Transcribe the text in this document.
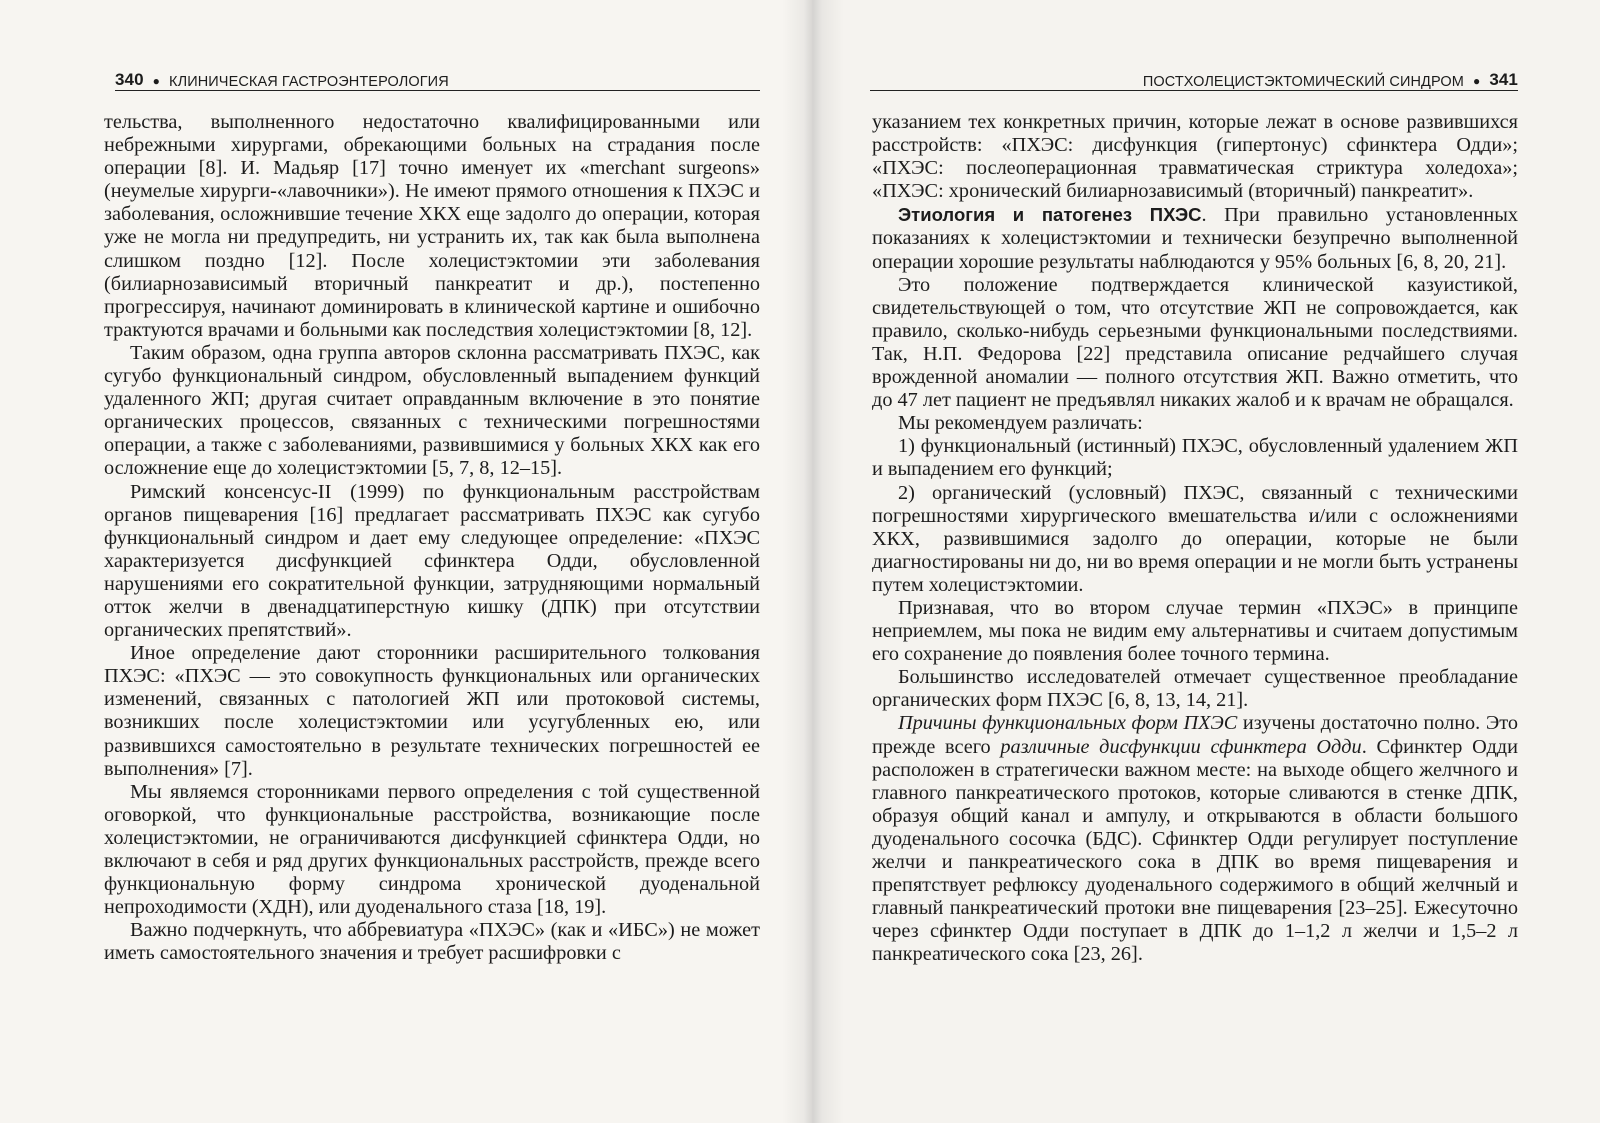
340 ● КЛИНИЧЕСКАЯ ГАСТРОЭНТЕРОЛОГИЯ

тельства, выполненного недостаточно квалифицированными или небрежными хирургами, обрекающими больных на страдания после операции [8]. И. Мадьяр [17] точно именует их «merchant surgeons» (неумелые хирурги-«лавочники»). Не имеют прямого отношения к ПХЭС и заболевания, осложнившие течение ХКХ еще задолго до операции, которая уже не могла ни предупредить, ни устранить их, так как была выполнена слишком поздно [12]. После холецистэктомии эти заболевания (билиарнозависимый вторичный панкреатит и др.), постепенно прогрессируя, начинают доминировать в клинической картине и ошибочно трактуются врачами и больными как последствия холецистэктомии [8, 12].

Таким образом, одна группа авторов склонна рассматривать ПХЭС, как сугубо функциональный синдром, обусловленный выпадением функций удаленного ЖП; другая считает оправданным включение в это понятие органических процессов, связанных с техническими погрешностями операции, а также с заболеваниями, развившимися у больных ХКХ как его осложнение еще до холецистэктомии [5, 7, 8, 12–15].

Римский консенсус-II (1999) по функциональным расстройствам органов пищеварения [16] предлагает рассматривать ПХЭС как сугубо функциональный синдром и дает ему следующее определение: «ПХЭС характеризуется дисфункцией сфинктера Одди, обусловленной нарушениями его сократительной функции, затрудняющими нормальный отток желчи в двенадцатиперстную кишку (ДПК) при отсутствии органических препятствий».

Иное определение дают сторонники расширительного толкования ПХЭС: «ПХЭС — это совокупность функциональных или органических изменений, связанных с патологией ЖП или протоковой системы, возникших после холецистэктомии или усугубленных ею, или развившихся самостоятельно в результате технических погрешностей ее выполнения» [7].

Мы являемся сторонниками первого определения с той существенной оговоркой, что функциональные расстройства, возникающие после холецистэктомии, не ограничиваются дисфункцией сфинктера Одди, но включают в себя и ряд других функциональных расстройств, прежде всего функциональную форму синдрома хронической дуоденальной непроходимости (ХДН), или дуоденального стаза [18, 19].

Важно подчеркнуть, что аббревиатура «ПХЭС» (как и «ИБС») не может иметь самостоятельного значения и требует расшифровки с

ПОСТХОЛЕЦИСТЭКТОМИЧЕСКИЙ СИНДРОМ ● 341

указанием тех конкретных причин, которые лежат в основе развившихся расстройств: «ПХЭС: дисфункция (гипертонус) сфинктера Одди»; «ПХЭС: послеоперационная травматическая стриктура холедоха»; «ПХЭС: хронический билиарнозависимый (вторичный) панкреатит».

Этиология и патогенез ПХЭС. При правильно установленных показаниях к холецистэктомии и технически безупречно выполненной операции хорошие результаты наблюдаются у 95% больных [6, 8, 20, 21].

Это положение подтверждается клинической казуистикой, свидетельствующей о том, что отсутствие ЖП не сопровождается, как правило, сколько-нибудь серьезными функциональными последствиями. Так, Н.П. Федорова [22] представила описание редчайшего случая врожденной аномалии — полного отсутствия ЖП. Важно отметить, что до 47 лет пациент не предъявлял никаких жалоб и к врачам не обращался.

Мы рекомендуем различать:

1) функциональный (истинный) ПХЭС, обусловленный удалением ЖП и выпадением его функций;

2) органический (условный) ПХЭС, связанный с техническими погрешностями хирургического вмешательства и/или с осложнениями ХКХ, развившимися задолго до операции, которые не были диагностированы ни до, ни во время операции и не могли быть устранены путем холецистэктомии.

Признавая, что во втором случае термин «ПХЭС» в принципе неприемлем, мы пока не видим ему альтернативы и считаем допустимым его сохранение до появления более точного термина.

Большинство исследователей отмечает существенное преобладание органических форм ПХЭС [6, 8, 13, 14, 21].

Причины функциональных форм ПХЭС изучены достаточно полно. Это прежде всего различные дисфункции сфинктера Одди. Сфинктер Одди расположен в стратегически важном месте: на выходе общего желчного и главного панкреатического протоков, которые сливаются в стенке ДПК, образуя общий канал и ампулу, и открываются в области большого дуоденального сосочка (БДС). Сфинктер Одди регулирует поступление желчи и панкреатического сока в ДПК во время пищеварения и препятствует рефлюксу дуоденального содержимого в общий желчный и главный панкреатический протоки вне пищеварения [23–25]. Ежесуточно через сфинктер Одди поступает в ДПК до 1–1,2 л желчи и 1,5–2 л панкреатического сока [23, 26].
